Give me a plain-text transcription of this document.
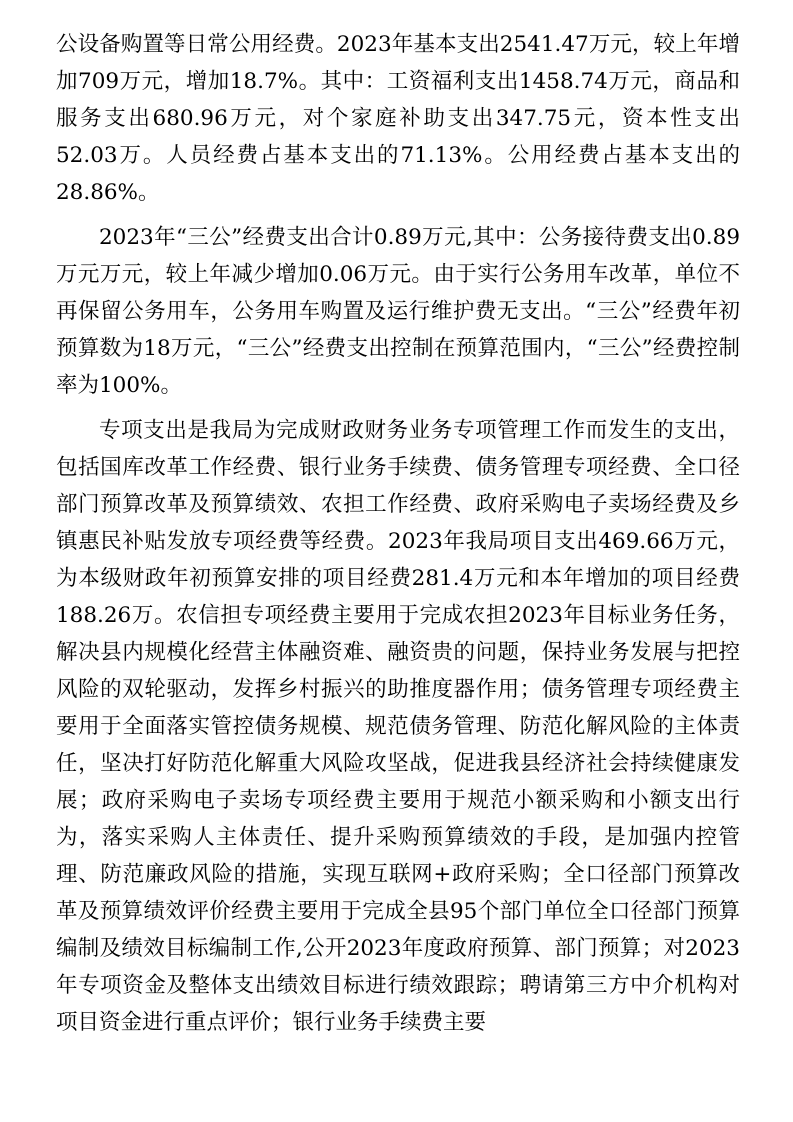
公设备购置等日常公用经费。2023年基本支出2541.47万元，较上年增加709万元，增加18.7%。其中：工资福利支出1458.74万元，商品和服务支出680.96万元，对个家庭补助支出347.75元，资本性支出52.03万。人员经费占基本支出的71.13%。公用经费占基本支出的28.86%。

2023年“三公”经费支出合计0.89万元,其中：公务接待费支出0.89万元万元，较上年减少增加0.06万元。由于实行公务用车改革，单位不再保留公务用车，公务用车购置及运行维护费无支出。“三公”经费年初预算数为18万元，“三公”经费支出控制在预算范围内，“三公”经费控制率为100%。

专项支出是我局为完成财政财务业务专项管理工作而发生的支出，包括国库改革工作经费、银行业务手续费、债务管理专项经费、全口径部门预算改革及预算绩效、农担工作经费、政府采购电子卖场经费及乡镇惠民补贴发放专项经费等经费。2023年我局项目支出469.66万元，为本级财政年初预算安排的项目经费281.4万元和本年增加的项目经费188.26万。农信担专项经费主要用于完成农担2023年目标业务任务，解决县内规模化经营主体融资难、融资贵的问题，保持业务发展与把控风险的双轮驱动，发挥乡村振兴的助推度器作用；债务管理专项经费主要用于全面落实管控债务规模、规范债务管理、防范化解风险的主体责任，坚决打好防范化解重大风险攻坚战，促进我县经济社会持续健康发展；政府采购电子卖场专项经费主要用于规范小额采购和小额支出行为，落实采购人主体责任、提升采购预算绩效的手段，是加强内控管理、防范廉政风险的措施，实现互联网+政府采购；全口径部门预算改革及预算绩效评价经费主要用于完成全县95个部门单位全口径部门预算编制及绩效目标编制工作,公开2023年度政府预算、部门预算；对2023年专项资金及整体支出绩效目标进行绩效跟踪；聘请第三方中介机构对项目资金进行重点评价；银行业务手续费主要
